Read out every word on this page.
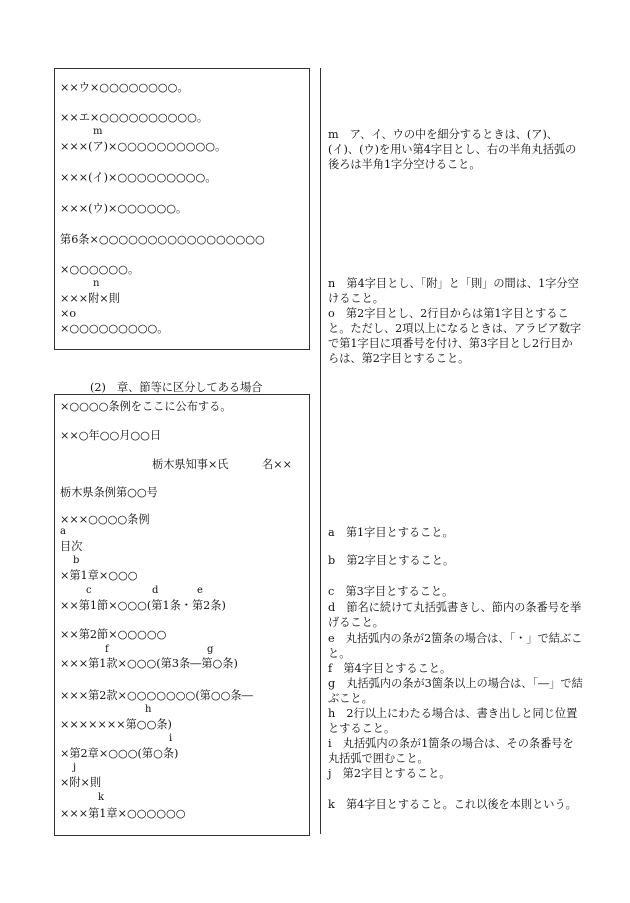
××ウ×○○○○○○○○。
××エ×○○○○○○○○○○。
m
×××(ア)×○○○○○○○○○○。
×××(イ)×○○○○○○○○○。
×××(ウ)×○○○○○○。
第6条×○○○○○○○○○○○○○○○○○
×○○○○○○。
n
×××附×則
×o
×○○○○○○○○○。
(2)　章、節等に区分してある場合
×○○○○条例をここに公布する。
××○年○○月○○日
栃木県知事×氏　　　名××
栃木県条例第○○号
×××○○○○条例
a
目次
b
×第1章×○○○
c	d	e
××第1節×○○○(第1条・第2条)
××第2節×○○○○○
f	g
×××第1款×○○○(第3条―第○条)
×××第2款×○○○○○○○(第○○条―
h
×××××××第○○条)
i
×第2章×○○○(第○条)
j
×附×則
k
×××第1章×○○○○○○
m　ア、イ、ウの中を細分するときは、(ア)、(イ)、(ウ)を用い第4字目とし、右の半角丸括弧の後ろは半角1字分空けること。
n　第4字目とし、「附」と「則」の間は、1字分空けること。
o　第2字目とし、2行目からは第1字目とすること。ただし、2項以上になるときは、アラビア数字で第1字目に項番号を付け、第3字目とし2行目からは、第2字目とすること。
a　第1字目とすること。
b　第2字目とすること。
c　第3字目とすること。
d　節名に続けて丸括弧書きし、節内の条番号を挙げること。
e　丸括弧内の条が2箇条の場合は、「・」で結ぶこと。
f　第4字目とすること。
g　丸括弧内の条が3箇条以上の場合は、「―」で結ぶこと。
h　2行以上にわたる場合は、書き出しと同じ位置とすること。
i　丸括弧内の条が1箇条の場合は、その条番号を丸括弧で囲むこと。
j　第2字目とすること。
k　第4字目とすること。これ以後を本則という。
